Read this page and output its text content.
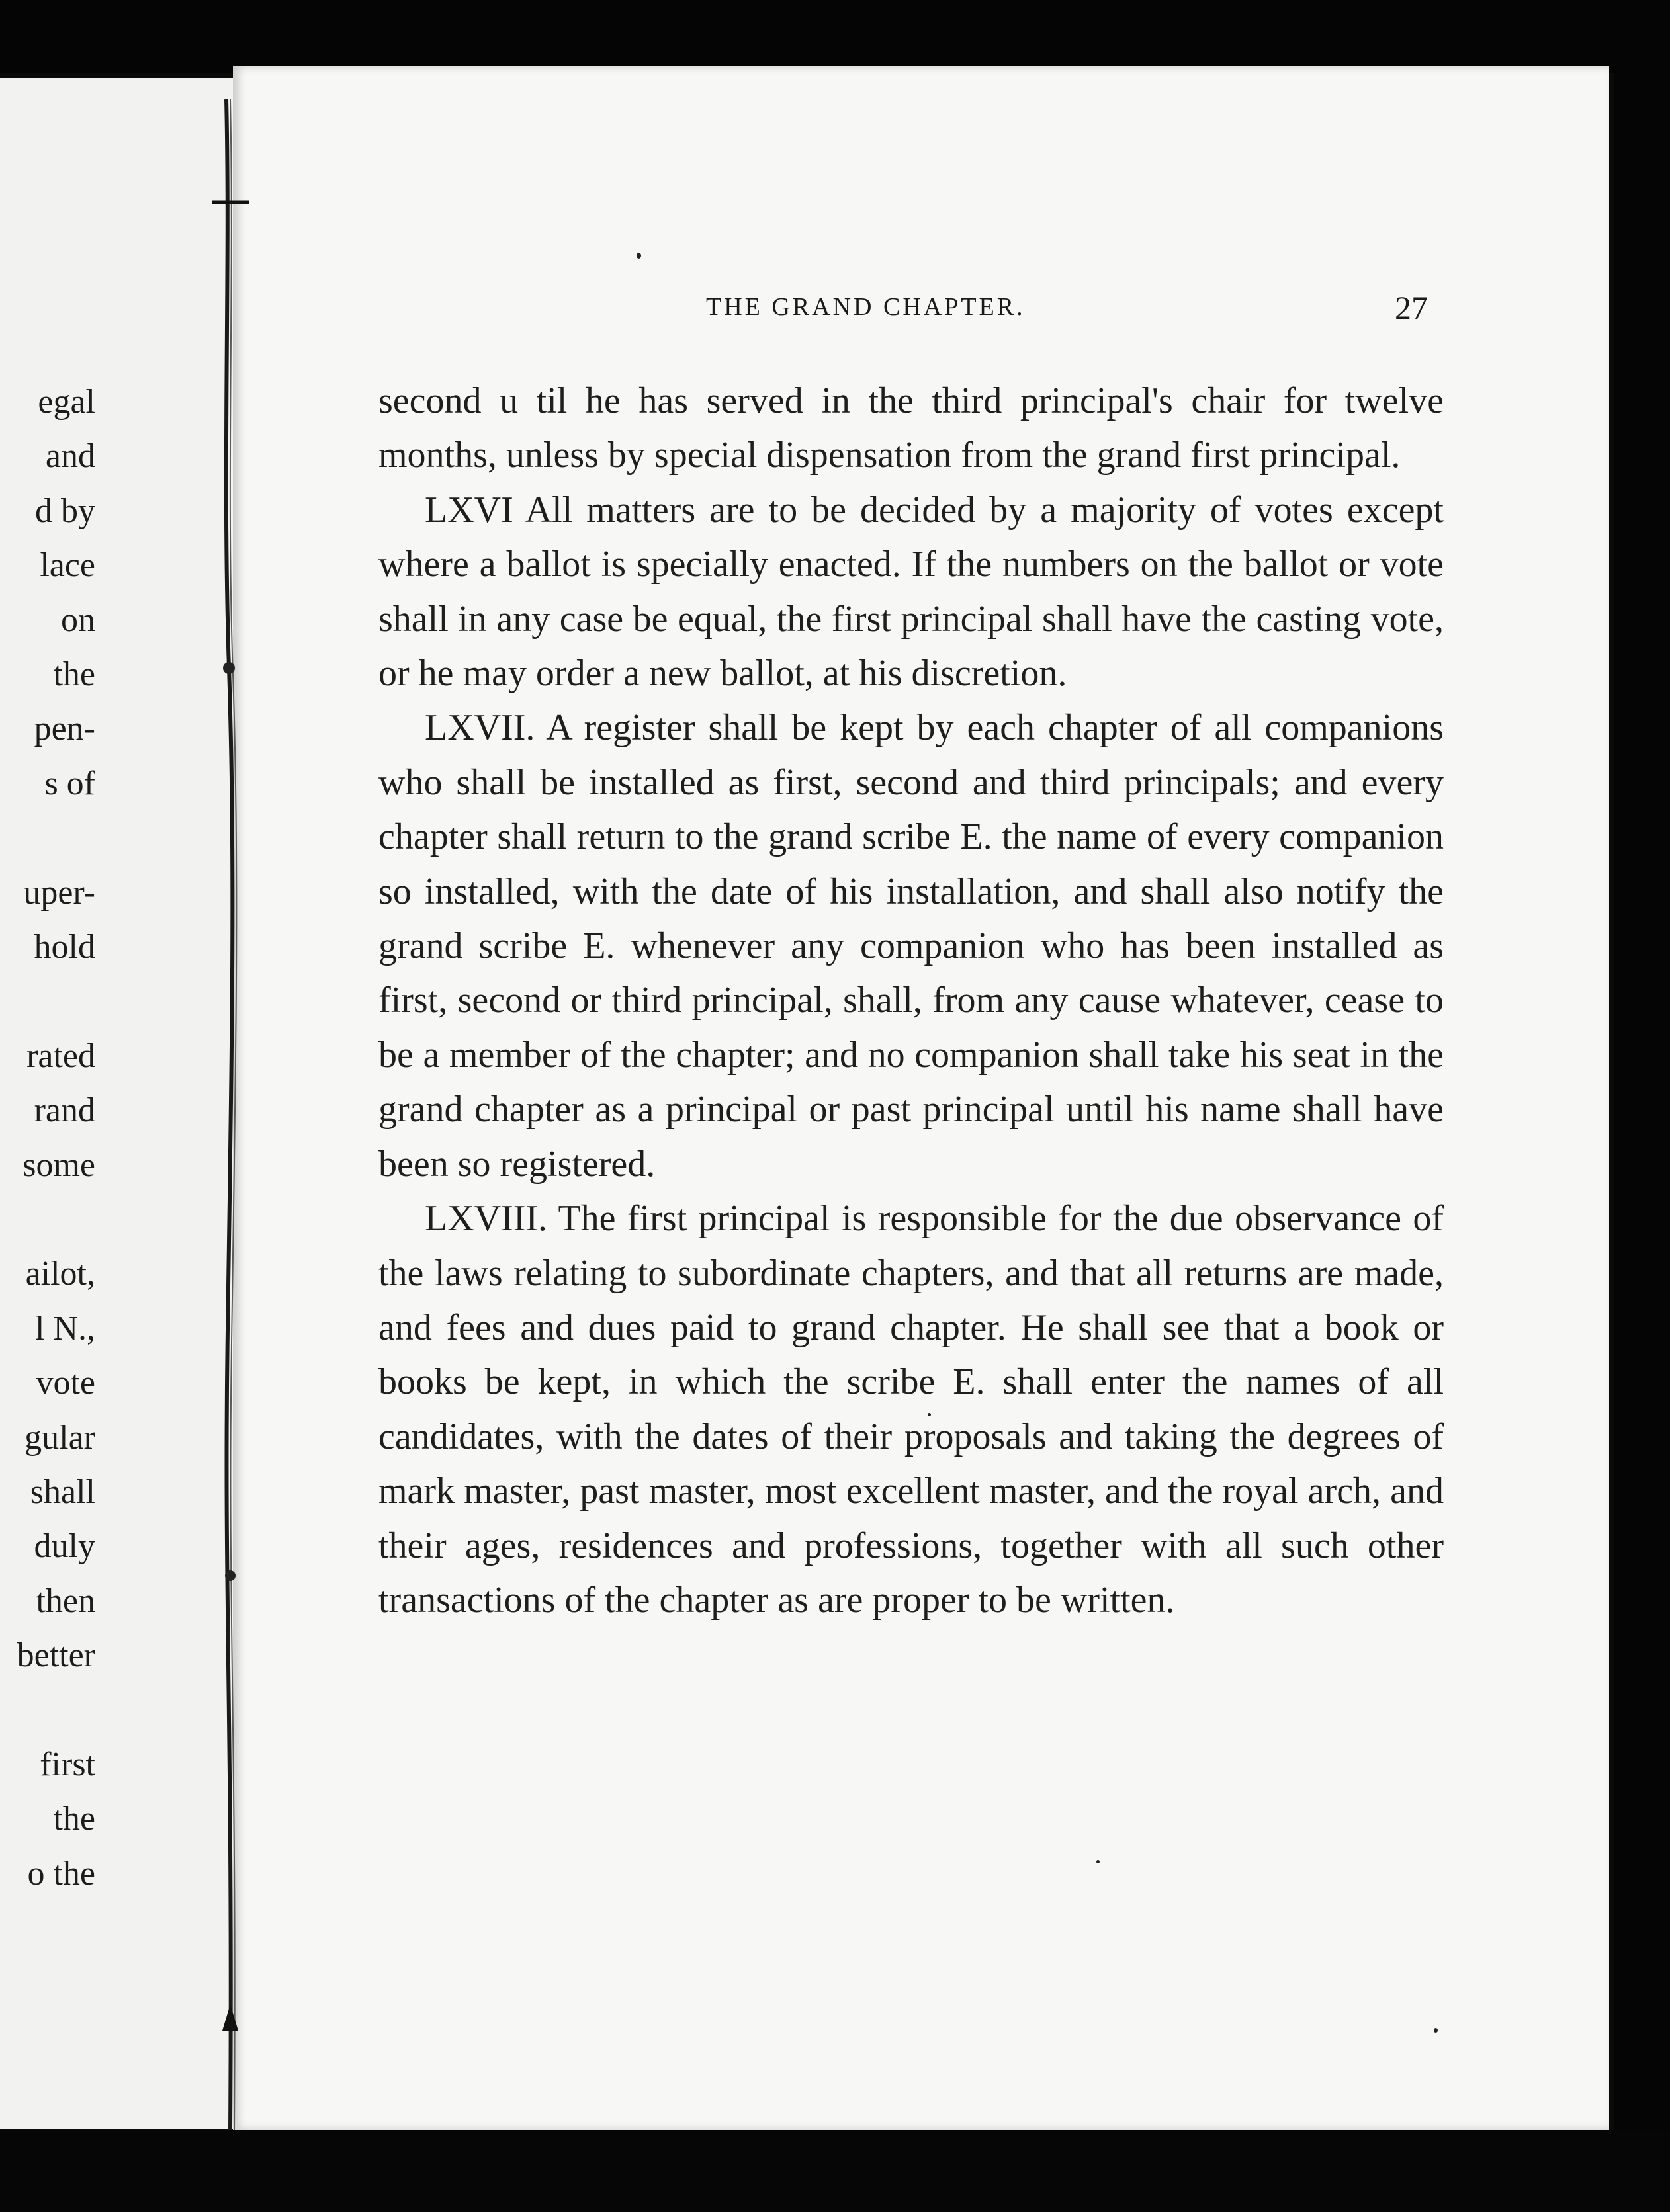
egal
and
d by
lace
on
the
pen-
s of
uper-
hold
rated
rand
some
ailot,
l N.,
vote
gular
shall
duly
then
better
first
the
o the
THE GRAND CHAPTER.	27

second u til he has served in the third principal's chair for twelve months, unless by special dispensation from the grand first principal.

LXVI All matters are to be decided by a majority of votes except where a ballot is specially enacted. If the numbers on the ballot or vote shall in any case be equal, the first principal shall have the casting vote, or he may order a new ballot, at his discretion.

LXVII. A register shall be kept by each chapter of all companions who shall be installed as first, second and third principals; and every chapter shall return to the grand scribe E. the name of every companion so installed, with the date of his installation, and shall also notify the grand scribe E. whenever any companion who has been installed as first, second or third principal, shall, from any cause whatever, cease to be a member of the chapter; and no companion shall take his seat in the grand chapter as a principal or past principal until his name shall have been so registered.

LXVIII. The first principal is responsible for the due observance of the laws relating to subordinate chapters, and that all returns are made, and fees and dues paid to grand chapter. He shall see that a book or books be kept, in which the scribe E. shall enter the names of all candidates, with the dates of their proposals and taking the degrees of mark master, past master, most excellent master, and the royal arch, and their ages, residences and professions, together with all such other transactions of the chapter as are proper to be written.
